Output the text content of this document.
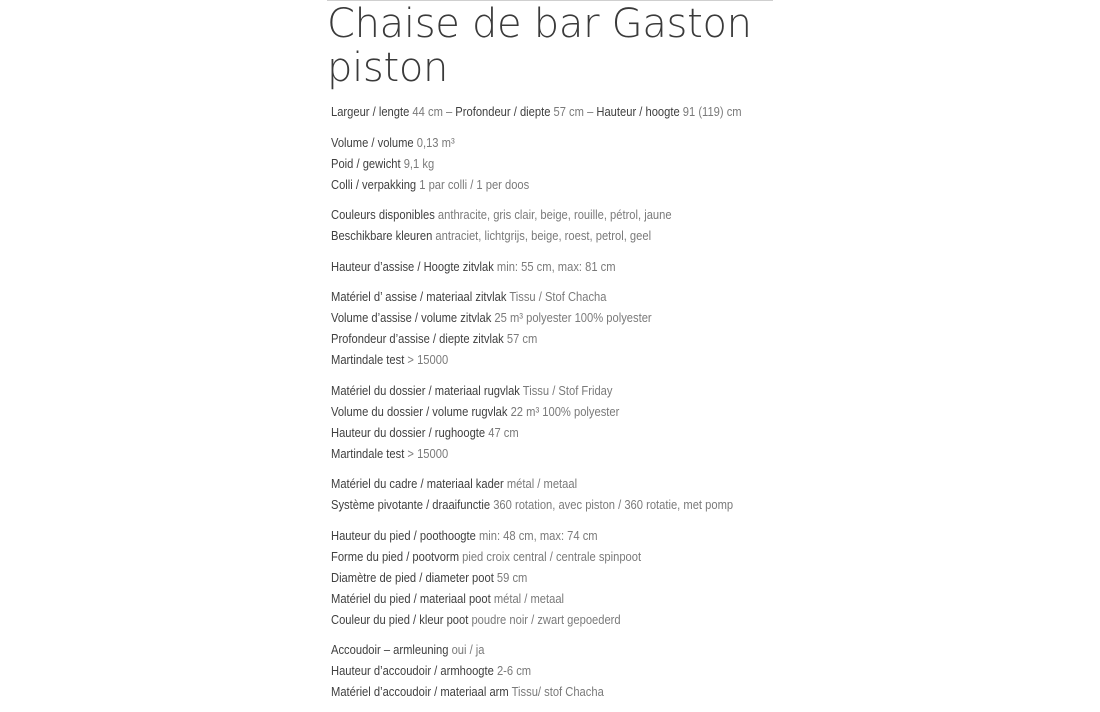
Chaise de bar Gaston piston
Largeur / lengte 44 cm – Profondeur / diepte 57 cm – Hauteur / hoogte 91 (119) cm
Volume / volume 0,13 m³
Poid / gewicht 9,1 kg
Colli / verpakking 1 par colli / 1 per doos
Couleurs disponibles anthracite, gris clair, beige, rouille, pétrol, jaune
Beschikbare kleuren antraciet, lichtgrijs, beige, roest, petrol, geel
Hauteur d’assise / Hoogte zitvlak min: 55 cm, max: 81 cm
Matériel d’ assise / materiaal zitvlak Tissu / Stof Chacha
Volume d’assise / volume zitvlak 25 m³ polyester 100% polyester
Profondeur d’assise / diepte zitvlak 57 cm
Martindale test > 15000
Matériel du dossier / materiaal rugvlak Tissu / Stof Friday
Volume du dossier / volume rugvlak 22 m³ 100% polyester
Hauteur du dossier / rughoogte 47 cm
Martindale test > 15000
Matériel du cadre / materiaal kader métal / metaal
Système pivotante / draaifunctie 360 rotation, avec piston / 360 rotatie, met pomp
Hauteur du pied / poothoogte min: 48 cm, max: 74 cm
Forme du pied / pootvorm pied croix central / centrale spinpoot
Diamètre de pied / diameter poot 59 cm
Matériel du pied / materiaal poot métal / metaal
Couleur du pied / kleur poot poudre noir / zwart gepoederd
Accoudoir – armleuning oui / ja
Hauteur d’accoudoir / armhoogte 2-6 cm
Matériel d’accoudoir / materiaal arm Tissu/ stof Chacha
